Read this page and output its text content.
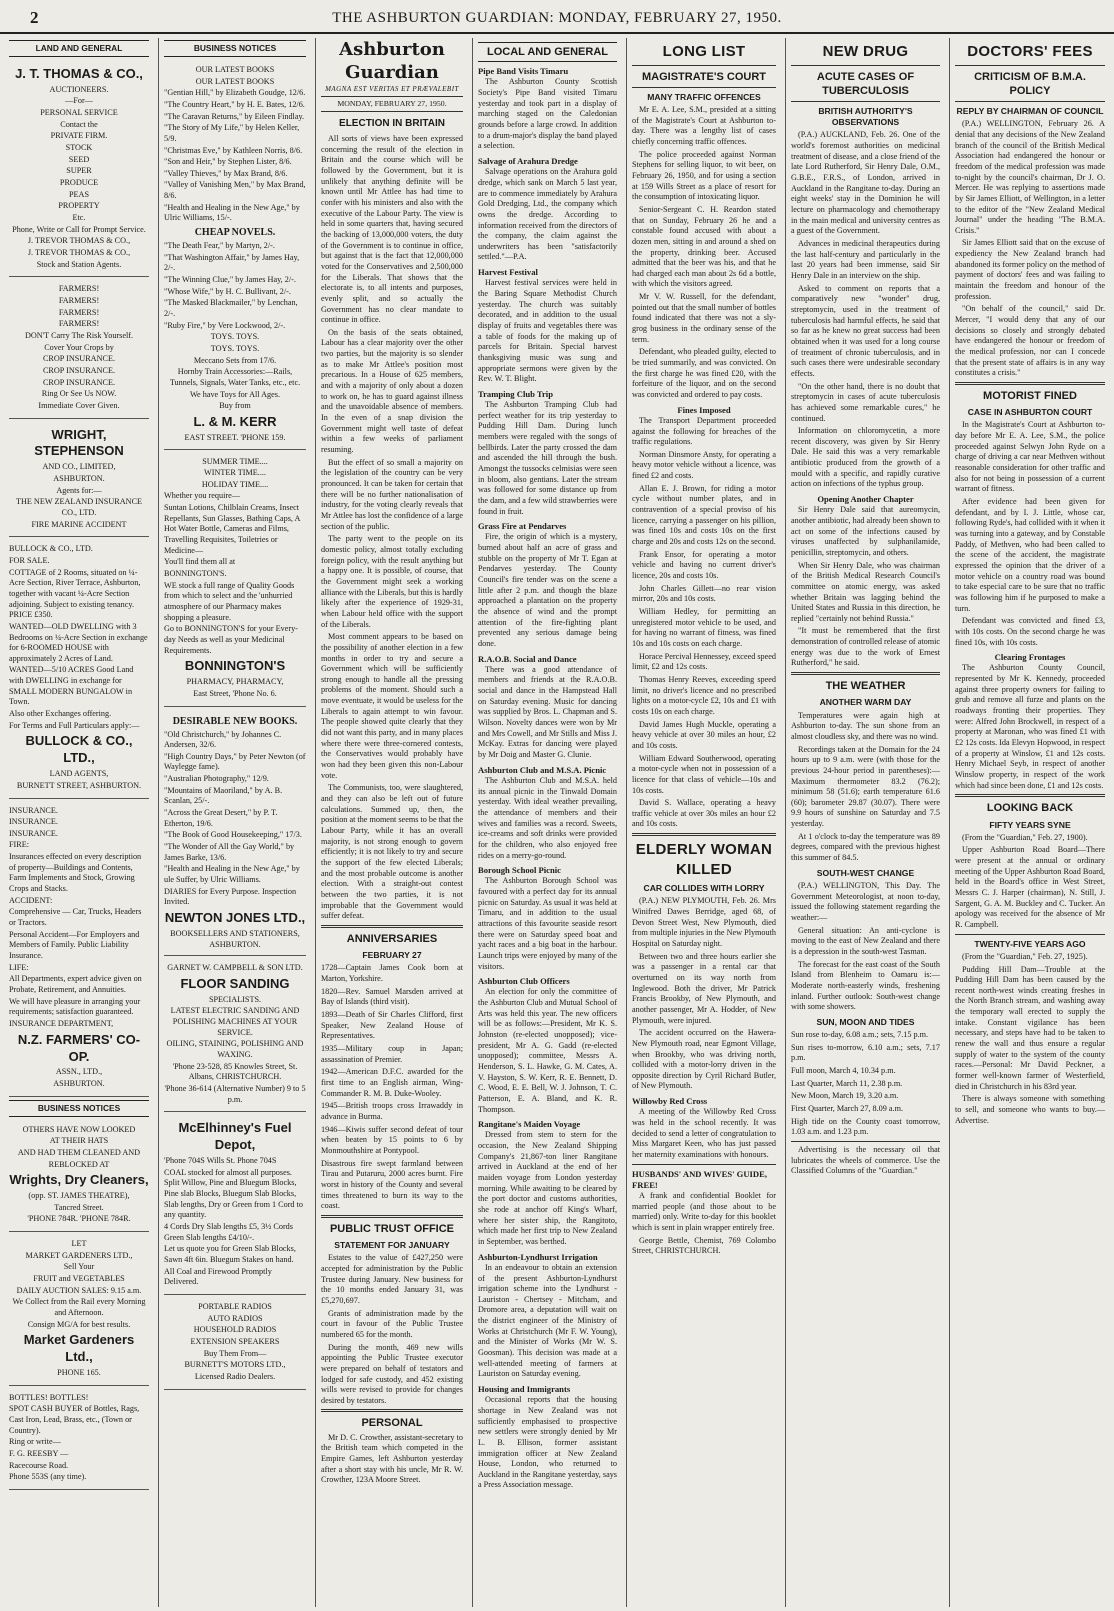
2	THE ASHBURTON GUARDIAN: MONDAY, FEBRUARY 27, 1950.
LAND AND GENERAL
J. T. THOMAS & CO.,
AUCTIONEERS.
—For—
PERSONAL SERVICE
Contact the
PRIVATE FIRM.
STOCK
SEED
SUPER
PRODUCE
PEAS
PROPERTY
Etc.
Phone, Write or Call for Prompt Service.
J. TREVOR THOMAS & CO.,
J. TREVOR THOMAS & CO.,
Stock and Station Agents.
FARMERS!
FARMERS!
FARMERS!
FARMERS!
DON'T Carry The Risk Yourself.
Cover Your Crops by
CROP INSURANCE.
CROP INSURANCE.
CROP INSURANCE.
Ring Or See Us NOW.
Immediate Cover Given.
WRIGHT, STEPHENSON
AND CO., LIMITED,
ASHBURTON.
Agents for:—
THE NEW ZEALAND INSURANCE CO., LTD.
FIRE MARINE ACCIDENT
BULLOCK & CO., LTD.
FOR SALE.
COTTAGE of 2 Rooms, situated on ¼-Acre Section, River Terrace, Ashburton, together with vacant ¼-Acre Section adjoining. Subject to existing tenancy. PRICE £350.
WANTED—OLD DWELLING with 3 Bedrooms on ¼-Acre Section in exchange for 6-ROOMED HOUSE with approximately 2 Acres of Land.
WANTED—5/10 ACRES Good Land with DWELLING in exchange for SMALL MODERN BUNGALOW in Town.
Also other Exchanges offering.
For Terms and Full Particulars apply:—
BULLOCK & CO., LTD.,
LAND AGENTS,
BURNETT STREET, ASHBURTON.
INSURANCE.
INSURANCE.
INSURANCE.
FIRE:
Insurances effected on every description of property—Buildings and Contents, Farm Implements and Stock, Growing Crops and Stacks.
ACCIDENT:
Comprehensive — Car, Trucks, Headers or Tractors.
Personal Accident—For Employers and Members of Family. Public Liability Insurance.
LIFE:
All Departments, expert advice given on Probate, Retirement, and Annuities.
We will have pleasure in arranging your requirements; satisfaction guaranteed.
INSURANCE DEPARTMENT,
N.Z. FARMERS' CO-OP.
ASSN., LTD.,
ASHBURTON.
BUSINESS NOTICES
OTHERS HAVE NOW LOOKED
AT THEIR HATS
AND HAD THEM CLEANED AND
REBLOCKED AT
Wrights, Dry Cleaners,
(opp. ST. JAMES THEATRE),
Tancred Street.
'PHONE 784R. 'PHONE 784R.
LET
MARKET GARDENERS LTD.,
Sell Your
FRUIT and VEGETABLES
DAILY AUCTION SALES: 9.15 a.m.
We Collect from the Rail every Morning and Afternoon.
Consign MG/A for best results.
Market Gardeners Ltd.,
PHONE 165.
BOTTLES! BOTTLES!
SPOT CASH BUYER of Bottles, Rags, Cast Iron, Lead, Brass, etc., (Town or Country).
Ring or write—
F. G. REESBY —
Racecourse Road.
Phone 553S (any time).
BUSINESS NOTICES
OUR LATEST BOOKS
OUR LATEST BOOKS
"Gentian Hill," by Elizabeth Goudge, 12/6.
"The Country Heart," by H. E. Bates, 12/6.
"The Caravan Returns," by Eileen Findlay.
"The Story of My Life," by Helen Keller, 5/9.
"Christmas Eve," by Kathleen Norris, 8/6.
"Son and Heir," by Stephen Lister, 8/6.
"Valley Thieves," by Max Brand, 8/6.
"Valley of Vanishing Men," by Max Brand, 8/6.
"Health and Healing in the New Age," by Ulric Williams, 15/-.
CHEAP NOVELS.
"The Death Fear," by Martyn, 2/-.
"That Washington Affair," by James Hay, 2/-.
"The Winning Clue," by James Hay, 2/-.
"Whose Wife," by H. C. Bullivant, 2/-.
"The Masked Blackmailer," by Lenchan, 2/-.
"Ruby Fire," by Vere Lockwood, 2/-.
TOYS. TOYS.
TOYS. TOYS.
Meccano Sets from 17/6.
Hornby Train Accessories:—Rails, Tunnels, Signals, Water Tanks, etc., etc.
We have Toys for All Ages.
Buy from
L. & M. KERR
EAST STREET. 'PHONE 159.
SUMMER TIME....
WINTER TIME....
HOLIDAY TIME....
Whether you require—
Suntan Lotions, Chilblain Creams, Insect Repellants, Sun Glasses, Bathing Caps, A Hot Water Bottle, Cameras and Films, Travelling Requisites, Toiletries or Medicine—
You'll find them all at
BONNINGTON'S.
WE stock a full range of Quality Goods from which to select and the 'unhurried atmosphere of our Pharmacy makes shopping a pleasure.
Go to BONNINGTON'S for your Every-day Needs as well as your Medicinal Requirements.
BONNINGTON'S
PHARMACY, PHARMACY,
East Street, 'Phone No. 6.
DESIRABLE NEW BOOKS.
"Old Christchurch," by Johannes C. Andersen, 32/6.
"High Country Days," by Peter Newton (of Waylegge fame).
"Australian Photography," 12/9.
"Mountains of Maoriland," by A. B. Scanlan, 25/-.
"Across the Great Desert," by P. T. Etherton, 19/6.
"The Book of Good Housekeeping," 17/3.
"The Wonder of All the Gay World," by James Barke, 13/6.
"Health and Healing in the New Age," by ule Suffer, by Ulric Williams.
DIARIES for Every Purpose. Inspection Invited.
NEWTON JONES LTD.,
BOOKSELLERS AND STATIONERS, ASHBURTON.
GARNET W. CAMPBELL & SON LTD.
FLOOR SANDING
SPECIALISTS.
LATEST ELECTRIC SANDING AND POLISHING MACHINES AT YOUR SERVICE.
OILING, STAINING, POLISHING AND WAXING.
'Phone 23-528, 85 Knowles Street, St. Albans, CHRISTCHURCH.
'Phone 36-614 (Alternative Number) 9 to 5 p.m.
McElhinney's Fuel Depot,
'Phone 704S Wills St. Phone 704S
COAL stocked for almost all purposes. Split Willow, Pine and Bluegum Blocks, Pine slab Blocks, Bluegum Slab Blocks, Slab lengths, Dry or Green from 1 Cord to any quantity.
4 Cords Dry Slab lengths £5, 3½ Cords Green Slab lengths £4/10/-.
Let us quote you for Green Slab Blocks, Sawn 4ft 6in. Bluegum Stakes on hand.
All Coal and Firewood Promptly Delivered.
PORTABLE RADIOS
AUTO RADIOS
HOUSEHOLD RADIOS
EXTENSION SPEAKERS
Buy Them From—
BURNETT'S MOTORS LTD.,
Licensed Radio Dealers.
Ashburton Guardian
MAGNA EST VERITAS ET PRÆVALEBIT
MONDAY, FEBRUARY 27, 1950.
ELECTION IN BRITAIN

All sorts of views have been expressed concerning the result of the election in Britain and the course which will be followed by the Government, but it is unlikely that anything definite will be known until Mr Attlee has had time to confer with his ministers and also with the executive of the Labour Party. The view is held in some quarters that, having secured the backing of 13,000,000 voters, the duty of the Government is to continue in office, but against that is the fact that 12,000,000 voted for the Conservatives and 2,500,000 for the Liberals. That shows that the electorate is, to all intents and purposes, evenly split, and so actually the Government has no clear mandate to continue in office.

On the basis of the seats obtained, Labour has a clear majority over the other two parties, but the majority is so slender as to make Mr Attlee's position most precarious. In a House of 625 members, and with a majority of only about a dozen to work on, he has to guard against illness and the unavoidable absence of members. In the even of a snap division the Government might well taste of defeat within a few weeks of parliament resuming.

But the effect of so small a majority on the legislation of the country can be very pronounced. It can be taken for certain that there will be no further nationalisation of industry, for the voting clearly reveals that Mr Attlee has lost the confidence of a large section of the public.

The party went to the people on its domestic policy, almost totally excluding foreign policy, with the result anything but a happy one. It is possible, of course, that the Government might seek a working alliance with the Liberals, but this is hardly likely after the experience of 1929-31, when Labour held office with the support of the Liberals.

Most comment appears to be based on the possibility of another election in a few months in order to try and secure a Government which will be sufficiently strong enough to handle all the pressing problems of the moment. Should such a move eventuate, it would be useless for the Liberals to again attempt to win favour. The people showed quite clearly that they did not want this party, and in many places where there were three-cornered contests, the Conservatives would probably have won had they been given this non-Labour vote.

The Communists, too, were slaughtered, and they can also be left out of future calculations. Summed up, then, the position at the moment seems to be that the Labour Party, while it has an overall majority, is not strong enough to govern efficiently; it is not likely to try and secure the support of the few elected Liberals; and the most probable outcome is another election. With a straight-out contest between the two parties, it is not improbable that the Government would suffer defeat.

ANNIVERSARIES
FEBRUARY 27

1728—Captain James Cook born at Marton, Yorkshire.

1820—Rev. Samuel Marsden arrived at Bay of Islands (third visit).

1893—Death of Sir Charles Clifford, first Speaker, New Zealand House of Representatives.

1935—Military coup in Japan; assassination of Premier.

1942—American D.F.C. awarded for the first time to an English airman, Wing-Commander R. M. B. Duke-Wooley.

1945—British troops cross Irrawaddy in advance in Burma.

1946—Kiwis suffer second defeat of tour when beaten by 15 points to 6 by Monmouthshire at Pontypool.

Disastrous fire swept farmland between Tirau and Putaruru, 2000 acres burnt. Fire worst in history of the County and several times threatened to burn its way to the coast.

PUBLIC TRUST OFFICE
STATEMENT FOR JANUARY

Estates to the value of £427,250 were accepted for administration by the Public Trustee during January. New business for the 10 months ended January 31, was £5,270,697.

Grants of administration made by the court in favour of the Public Trustee numbered 65 for the month.

During the month, 469 new wills appointing the Public Trustee executor were prepared on behalf of testators and lodged for safe custody, and 452 existing wills were revised to provide for changes desired by testators.

PERSONAL

Mr D. C. Crowther, assistant-secretary to the British team which competed in the Empire Games, left Ashburton yesterday after a short stay with his uncle, Mr R. W. Crowther, 123A Moore Street.

LOCAL AND GENERAL
Pipe Band Visits Timaru

The Ashburton County Scottish Society's Pipe Band visited Timaru yesterday and took part in a display of marching staged on the Caledonian grounds before a large crowd. In addition to a drum-major's display the band played a selection.

Salvage of Arahura Dredge

Salvage operations on the Arahura gold dredge, which sank on March 5 last year, are to commence immediately by Arahura Gold Dredging, Ltd., the company which owns the dredge. According to information received from the directors of the company, the claim against the underwriters has been "satisfactorily settled."—P.A.

Harvest Festival

Harvest festival services were held in the Baring Square Methodist Church yesterday. The church was suitably decorated, and in addition to the usual display of fruits and vegetables there was a table of foods for the making up of parcels for Britain. Special harvest thanksgiving music was sung and appropriate sermons were given by the Rev. W. T. Blight.

Tramping Club Trip

The Ashburton Tramping Club had perfect weather for its trip yesterday to Pudding Hill Dam. During lunch members were regaled with the songs of bellbirds. Later the party crossed the dam and ascended the hill through the bush. Amongst the tussocks celmisias were seen in bloom, also gentians. Later the stream was followed for some distance up from the dam, and a few wild strawberries were found in fruit.

Grass Fire at Pendarves

Fire, the origin of which is a mystery, burned about half an acre of grass and stubble on the property of Mr T. Egan at Pendarves yesterday. The County Council's fire tender was on the scene a little after 2 p.m. and though the blaze approached a plantation on the property the absence of wind and the prompt attention of the fire-fighting plant prevented any serious damage being done.

R.A.O.B. Social and Dance

There was a good attendance of members and friends at the R.A.O.B. social and dance in the Hampstead Hall on Saturday evening. Music for dancing was supplied by Bros. L. Chapman and S. Wilson. Novelty dances were won by Mr and Mrs Cowell, and Mr Stills and Miss J. McKay. Extras for dancing were played by Mr Doig and Master G. Clunie.

Ashburton Club and M.S.A. Picnic

The Ashburton Club and M.S.A. held its annual picnic in the Tinwald Domain yesterday. With ideal weather prevailing, the attendance of members and their wives and families was a record. Sweets, ice-creams and soft drinks were provided for the children, who also enjoyed free rides on a merry-go-round.

Borough School Picnic

The Ashburton Borough School was favoured with a perfect day for its annual picnic on Saturday. As usual it was held at Timaru, and in addition to the usual attractions of this favourite seaside resort there were on Saturday speed boat and yacht races and a big boat in the harbour. Launch trips were enjoyed by many of the visitors.

Ashburton Club Officers

An election for only the committee of the Ashburton Club and Mutual School of Arts was held this year. The new officers will be as follows:—President, Mr K. S. Johnston (re-elected unopposed); vice-president, Mr A. G. Gadd (re-elected unopposed); committee, Messrs A. Henderson, S. L. Hawke, G. M. Cates, A. V. Hayston, S. W. Kerr, R. E. Bennett, D. C. Wood, E. E. Bell, W. J. Johnson, T. C. Patterson, E. A. Bland, and K. R. Thompson.

Rangitane's Maiden Voyage

Dressed from stem to stern for the occasion, the New Zealand Shipping Company's 21,867-ton liner Rangitane arrived in Auckland at the end of her maiden voyage from London yesterday morning. While awaiting to be cleared by the port doctor and customs authorities, she rode at anchor off King's Wharf, where her sister ship, the Rangitoto, which made her first trip to New Zealand in September, was berthed.

Ashburton-Lyndhurst Irrigation

In an endeavour to obtain an extension of the present Ashburton-Lyndhurst irrigation scheme into the Lyndhurst - Lauriston - Chertsey - Mitcham, and Dromore area, a deputation will wait on the district engineer of the Ministry of Works at Christchurch (Mr F. W. Young), and the Minister of Works (Mr W. S. Goosman). This decision was made at a well-attended meeting of farmers at Lauriston on Saturday evening.

Housing and Immigrants

Occasional reports that the housing shortage in New Zealand was not sufficiently emphasised to prospective new settlers were strongly denied by Mr L. B. Ellison, former assistant immigration officer at New Zealand House, London, who returned to Auckland in the Rangitane yesterday, says a Press Association message.

LONG LIST
MAGISTRATE'S COURT
MANY TRAFFIC OFFENCES

Mr E. A. Lee, S.M., presided at a sitting of the Magistrate's Court at Ashburton to-day. There was a lengthy list of cases chiefly concerning traffic offences.

The police proceeded against Norman Stephens for selling liquor, to wit beer, on February 26, 1950, and for using a section at 159 Wills Street as a place of resort for the consumption of intoxicating liquor.

Senior-Sergeant C. H. Reardon stated that on Sunday, February 26 he and a constable found accused with about a dozen men, sitting in and around a shed on the property, drinking beer. Accused admitted that the beer was his, and that he had charged each man about 2s 6d a bottle, with which the visitors agreed.

Mr V. W. Russell, for the defendant, pointed out that the small number of bottles found indicated that there was not a sly-grog business in the ordinary sense of the term.

Defendant, who pleaded guilty, elected to be tried summarily, and was convicted. On the first charge he was fined £20, with the forfeiture of the liquor, and on the second was convicted and ordered to pay costs.

Fines Imposed

The Transport Department proceeded against the following for breaches of the traffic regulations.

Norman Dinsmore Ansty, for operating a heavy motor vehicle without a licence, was fined £2 and costs.

Allan E. J. Brown, for riding a motor cycle without number plates, and in contravention of a special proviso of his licence, carrying a passenger on his pillion, was fined 10s and costs 10s on the first charge and 20s and costs 12s on the second.

Frank Ensor, for operating a motor vehicle and having no current driver's licence, 20s and costs 10s.

John Charles Gillett—no rear vision mirror, 20s and 10s costs.

William Hedley, for permitting an unregistered motor vehicle to be used, and for having no warrant of fitness, was fined 10s and 10s costs on each charge.

Horace Percival Hennessey, exceed speed limit, £2 and 12s costs.

Thomas Henry Reeves, exceeding speed limit, no driver's licence and no prescribed lights on a motor-cycle £2, 10s and £1 with costs 10s on each charge.

David James Hugh Muckle, operating a heavy vehicle at over 30 miles an hour, £2 and 10s costs.

William Edward Southerwood, operating a motor-cycle when not in possession of a licence for that class of vehicle—10s and 10s costs.

David S. Wallace, operating a heavy traffic vehicle at over 30s miles an hour £2 and 10s costs.

ELDERLY WOMAN KILLED
CAR COLLIDES WITH LORRY

(P.A.) NEW PLYMOUTH, Feb. 26. Mrs Winifred Dawes Berridge, aged 68, of Devon Street West, New Plymouth, died from multiple injuries in the New Plymouth Hospital on Saturday night.

Between two and three hours earlier she was a passenger in a rental car that overturned on its way north from Inglewood. Both the driver, Mr Patrick Francis Brookby, of New Plymouth, and another passenger, Mr A. Hodder, of New Plymouth, were injured.

The accident occurred on the Hawera-New Plymouth road, near Egmont Village, when Brookby, who was driving north, collided with a motor-lorry driven in the opposite direction by Cyril Richard Butler, of New Plymouth.

Willowby Red Cross

A meeting of the Willowby Red Cross was held in the school recently. It was decided to send a letter of congratulation to Miss Margaret Keen, who has just passed her maternity examinations with honours.

HUSBANDS' AND WIVES' GUIDE, FREE!

A frank and confidential Booklet for married people (and those about to be married) only. Write to-day for this booklet which is sent in plain wrapper entirely free.

George Bettle, Chemist, 769 Colombo Street, CHRISTCHURCH.

NEW DRUG
ACUTE CASES OF TUBERCULOSIS
BRITISH AUTHORITY'S OBSERVATIONS

(P.A.) AUCKLAND, Feb. 26. One of the world's foremost authorities on medicinal treatment of disease, and a close friend of the late Lord Rutherford, Sir Henry Dale, O.M., G.B.E., F.R.S., of London, arrived in Auckland in the Rangitane to-day. During an eight weeks' stay in the Dominion he will lecture on pharmacology and chemotherapy in the main medical and university centres as a guest of the Government.

Advances in medicinal therapeutics during the last half-century and particularly in the last 20 years had been immense, said Sir Henry Dale in an interview on the ship.

Asked to comment on reports that a comparatively new "wonder" drug, streptomycin, used in the treatment of tuberculosis had harmful effects, he said that so far as he knew no great success had been obtained when it was used for a long course of treatment of chronic tuberculosis, and in such cases there were undesirable secondary effects.

"On the other hand, there is no doubt that streptomycin in cases of acute tuberculosis has achieved some remarkable cures," he continued.

Information on chloromycetin, a more recent discovery, was given by Sir Henry Dale. He said this was a very remarkable antibiotic produced from the growth of a mould with a specific, and rapidly curative action on infections of the typhus group.

Opening Another Chapter

Sir Henry Dale said that aureomycin, another antibiotic, had already been shown to act on some of the infections caused by viruses unaffected by sulphanilamide, penicillin, streptomycin, and others.

When Sir Henry Dale, who was chairman of the British Medical Research Council's committee on atomic energy, was asked whether Britain was lagging behind the United States and Russia in this direction, he replied "certainly not behind Russia."

"It must be remembered that the first demonstration of controlled release of atomic energy was due to the work of Ernest Rutherford," he said.

THE WEATHER
ANOTHER WARM DAY

Temperatures were again high at Ashburton to-day. The sun shone from an almost cloudless sky, and there was no wind.

Recordings taken at the Domain for the 24 hours up to 9 a.m. were (with those for the previous 24-hour period in parentheses):—Maximum thermometer 83.2 (76.2); minimum 58 (51.6); earth temperature 61.6 (60); barometer 29.87 (30.07). There were 9.9 hours of sunshine on Saturday and 7.5 yesterday.

At 1 o'clock to-day the temperature was 89 degrees, compared with the previous highest this summer of 84.5.

SOUTH-WEST CHANGE

(P.A.) WELLINGTON, This Day. The Government Meteorologist, at noon to-day, issued the following statement regarding the weather:—

General situation: An anti-cyclone is moving to the east of New Zealand and there is a depression in the south-west Tasman.

The forecast for the east coast of the South Island from Blenheim to Oamaru is:—Moderate north-easterly winds, freshening inland. Further outlook: South-west change with some showers.

SUN, MOON AND TIDES

Sun rose to-day, 6.08 a.m.; sets, 7.15 p.m.

Sun rises to-morrow, 6.10 a.m.; sets, 7.17 p.m.

Full moon, March 4, 10.34 p.m.

Last Quarter, March 11, 2.38 p.m.

New Moon, March 19, 3.20 a.m.

First Quarter, March 27, 8.09 a.m.

High tide on the County coast tomorrow, 1.03 a.m. and 1.23 p.m.

Advertising is the necessary oil that lubricates the wheels of commerce. Use the Classified Columns of the "Guardian."

DOCTORS' FEES
CRITICISM OF B.M.A. POLICY
REPLY BY CHAIRMAN OF COUNCIL

(P.A.) WELLINGTON, February 26. A denial that any decisions of the New Zealand branch of the council of the British Medical Association had endangered the honour or freedom of the medical profession was made to-night by the council's chairman, Dr J. O. Mercer. He was replying to assertions made by Sir James Elliott, of Wellington, in a letter to the editor of the "New Zealand Medical Journal" under the heading "The B.M.A. Crisis."

Sir James Elliott said that on the excuse of expediency the New Zealand branch had abandoned its former policy on the method of payment of doctors' fees and was failing to maintain the freedom and honour of the profession.

"On behalf of the council," said Dr. Mercer, "I would deny that any of our decisions so closely and strongly debated have endangered the honour or freedom of the medical profession, nor can I concede that the present state of affairs is in any way constitutes a crisis."

MOTORIST FINED
CASE IN ASHBURTON COURT

In the Magistrate's Court at Ashburton to-day before Mr E. A. Lee, S.M., the police proceeded against Selwyn John Ryde on a charge of driving a car near Methven without reasonable consideration for other traffic and also for not being in possession of a current warrant of fitness.

After evidence had been given for defendant, and by I. J. Little, whose car, following Ryde's, had collided with it when it was turning into a gateway, and by Constable Paddy, of Methven, who had been called to the scene of the accident, the magistrate expressed the opinion that the driver of a motor vehicle on a country road was bound to take especial care to be sure that no traffic was following him if he purposed to make a turn.

Defendant was convicted and fined £3, with 10s costs. On the second charge he was fined 10s, with 10s costs.

Clearing Frontages

The Ashburton County Council, represented by Mr K. Kennedy, proceeded against three property owners for failing to grub and remove all furze and plants on the roadways fronting their properties. They were: Alfred John Brockwell, in respect of a property at Maronan, who was fined £1 with £2 12s costs. Ida Elevyn Hopwood, in respect of a property at Winslow, £1 and 12s costs. Henry Michael Seyb, in respect of another Winslow property, in respect of the work which had since been done, £1 and 12s costs.

LOOKING BACK
FIFTY YEARS SYNE

(From the "Guardian," Feb. 27, 1900).

Upper Ashburton Road Board—There were present at the annual or ordinary meeting of the Upper Ashburton Road Board, held in the Board's office in West Street, Messrs C. J. Harper (chairman), N. Still, J. Sargent, G. A. M. Buckley and C. Tucker. An apology was received for the absence of Mr R. Campbell.

TWENTY-FIVE YEARS AGO

(From the "Guardian," Feb. 27, 1925).

Pudding Hill Dam—Trouble at the Pudding Hill Dam has been caused by the recent north-west winds creating freshes in the North Branch stream, and washing away the temporary wall erected to supply the intake. Constant vigilance has been necessary, and steps have had to be taken to renew the wall and thus ensure a regular supply of water to the system of the county races.—Personal: Mr David Peckner, a former well-known farmer of Westerfield, died in Christchurch in his 83rd year.

There is always someone with something to sell, and someone who wants to buy.—Advertise.
